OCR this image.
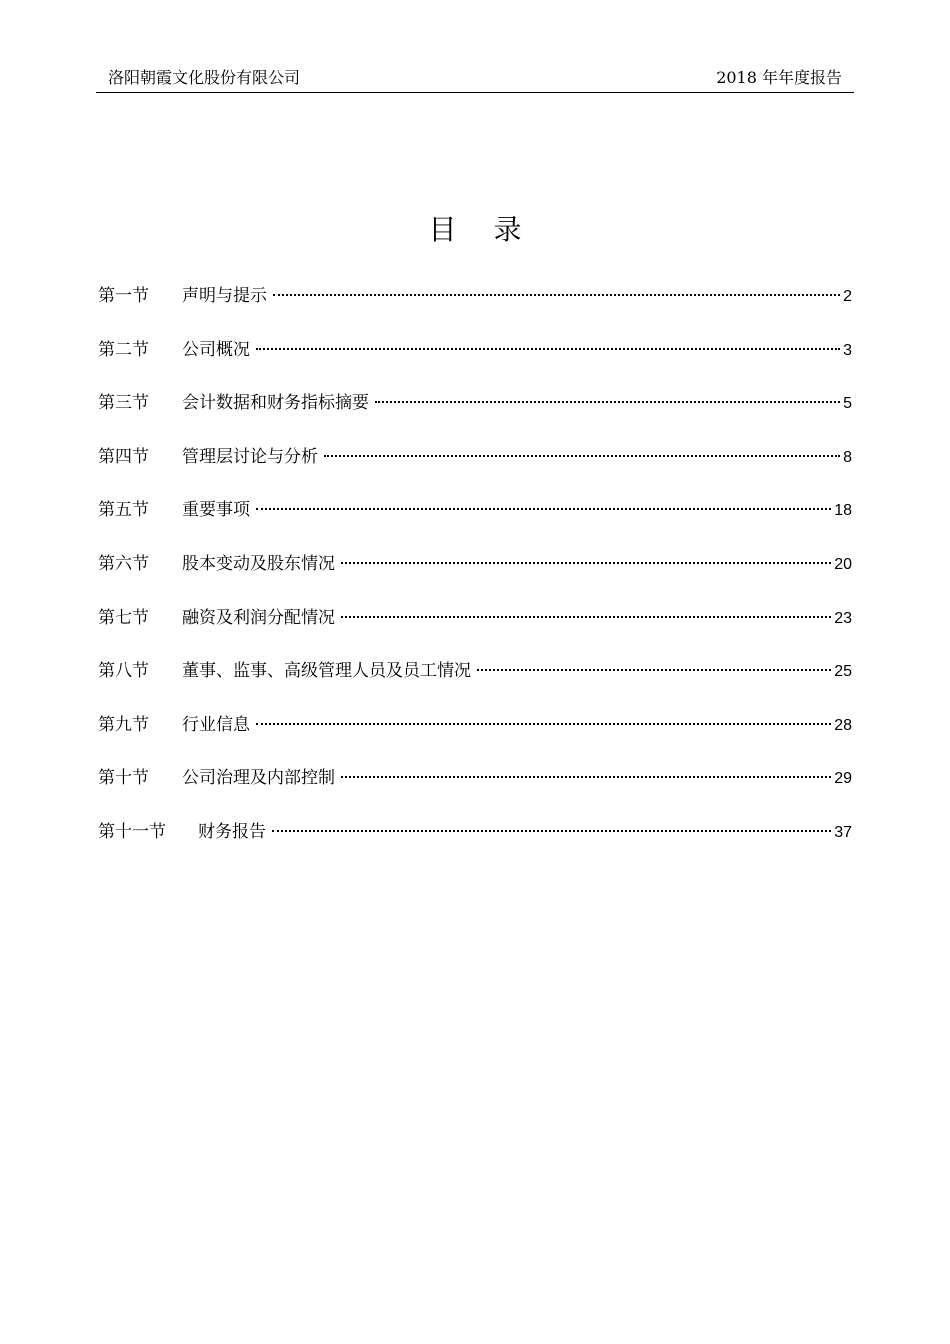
洛阳朝霞文化股份有限公司	2018 年年度报告
目 录
第一节	声明与提示	2
第二节	公司概况	3
第三节	会计数据和财务指标摘要	5
第四节	管理层讨论与分析	8
第五节	重要事项	18
第六节	股本变动及股东情况	20
第七节	融资及利润分配情况	23
第八节	董事、监事、高级管理人员及员工情况	25
第九节	行业信息	28
第十节	公司治理及内部控制	29
第十一节	财务报告	37
